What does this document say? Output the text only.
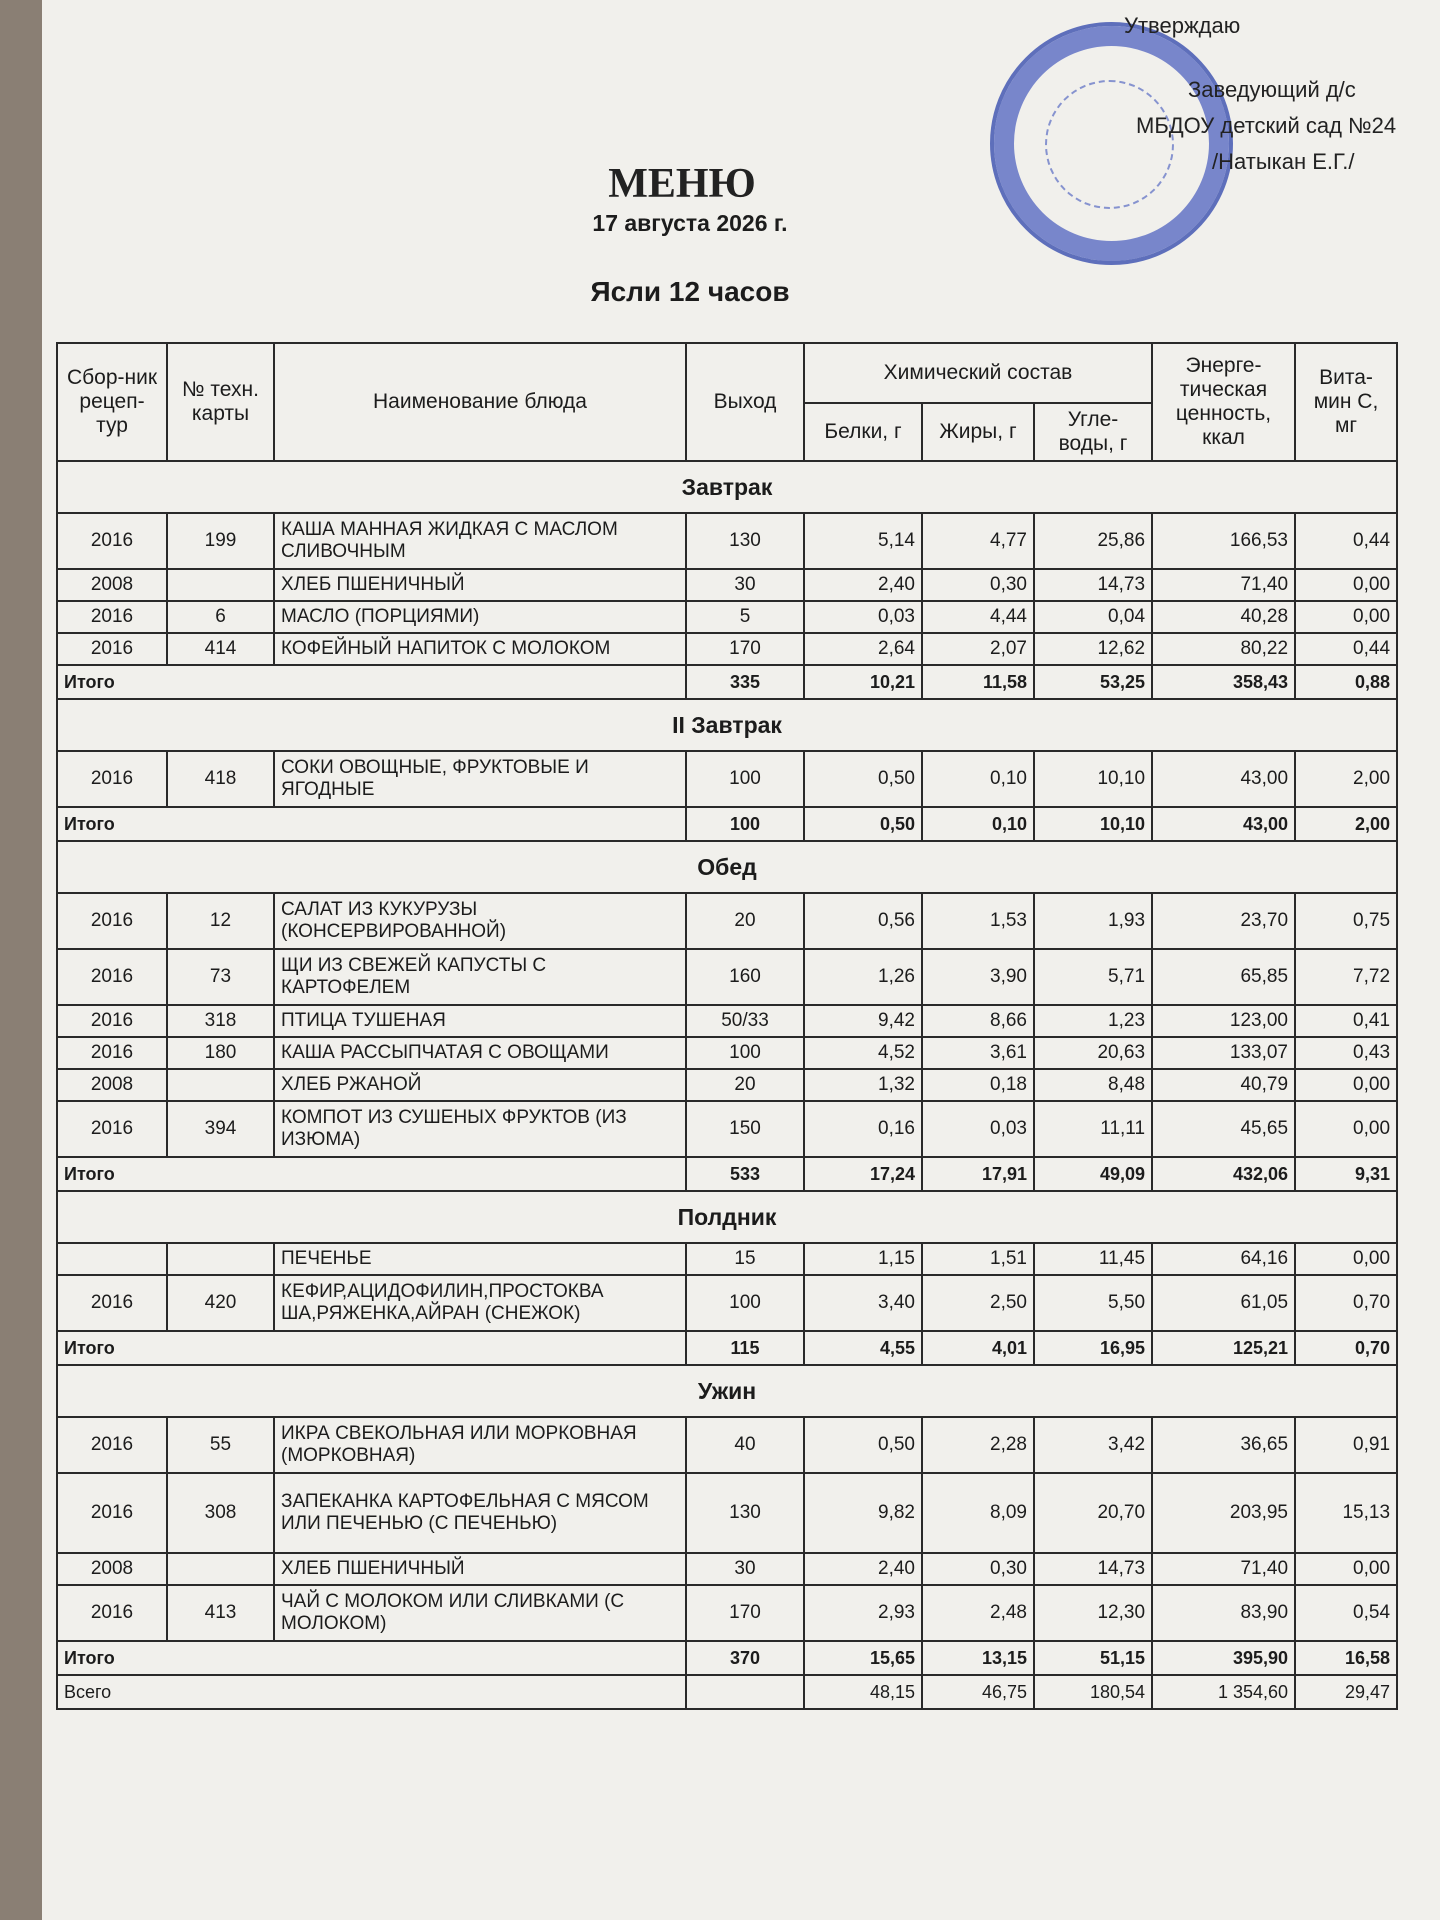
Утверждаю
Заведующий д/с
МБДОУ детский сад №24
/Натыкан Е.Г./
МЕНЮ
17 августа 2026 г.
Ясли 12 часов
Сбор-ник рецеп-тур	№ техн. карты	Наименование блюда	Выход	Химический состав			Энерге-тическая ценность, ккал	Вита-мин С, мг
				Белки, г	Жиры, г	Угле-воды, г		
Завтрак								
2016	199	КАША МАННАЯ ЖИДКАЯ С МАСЛОМ СЛИВОЧНЫМ	130	5,14	4,77	25,86	166,53	0,44
2008		ХЛЕБ ПШЕНИЧНЫЙ	30	2,40	0,30	14,73	71,40	0,00
2016	6	МАСЛО (ПОРЦИЯМИ)	5	0,03	4,44	0,04	40,28	0,00
2016	414	КОФЕЙНЫЙ НАПИТОК С МОЛОКОМ	170	2,64	2,07	12,62	80,22	0,44
Итого			335	10,21	11,58	53,25	358,43	0,88
II Завтрак								
2016	418	СОКИ ОВОЩНЫЕ, ФРУКТОВЫЕ И ЯГОДНЫЕ	100	0,50	0,10	10,10	43,00	2,00
Итого			100	0,50	0,10	10,10	43,00	2,00
Обед								
2016	12	САЛАТ ИЗ КУКУРУЗЫ (КОНСЕРВИРОВАННОЙ)	20	0,56	1,53	1,93	23,70	0,75
2016	73	ЩИ ИЗ СВЕЖЕЙ КАПУСТЫ С КАРТОФЕЛЕМ	160	1,26	3,90	5,71	65,85	7,72
2016	318	ПТИЦА ТУШЕНАЯ	50/33	9,42	8,66	1,23	123,00	0,41
2016	180	КАША РАССЫПЧАТАЯ С ОВОЩАМИ	100	4,52	3,61	20,63	133,07	0,43
2008		ХЛЕБ РЖАНОЙ	20	1,32	0,18	8,48	40,79	0,00
2016	394	КОМПОТ ИЗ СУШЕНЫХ ФРУКТОВ (ИЗ ИЗЮМА)	150	0,16	0,03	11,11	45,65	0,00
Итого			533	17,24	17,91	49,09	432,06	9,31
Полдник								
		ПЕЧЕНЬЕ	15	1,15	1,51	11,45	64,16	0,00
2016	420	КЕФИР,АЦИДОФИЛИН,ПРОСТОКВА ША,РЯЖЕНКА,АЙРАН (СНЕЖОК)	100	3,40	2,50	5,50	61,05	0,70
Итого			115	4,55	4,01	16,95	125,21	0,70
Ужин								
2016	55	ИКРА СВЕКОЛЬНАЯ ИЛИ МОРКОВНАЯ (МОРКОВНАЯ)	40	0,50	2,28	3,42	36,65	0,91
2016	308	ЗАПЕКАНКА КАРТОФЕЛЬНАЯ С МЯСОМ ИЛИ ПЕЧЕНЬЮ (С ПЕЧЕНЬЮ)	130	9,82	8,09	20,70	203,95	15,13
2008		ХЛЕБ ПШЕНИЧНЫЙ	30	2,40	0,30	14,73	71,40	0,00
2016	413	ЧАЙ С МОЛОКОМ ИЛИ СЛИВКАМИ (С МОЛОКОМ)	170	2,93	2,48	12,30	83,90	0,54
Итого			370	15,65	13,15	51,15	395,90	16,58
Всего				48,15	46,75	180,54	1 354,60	29,47
